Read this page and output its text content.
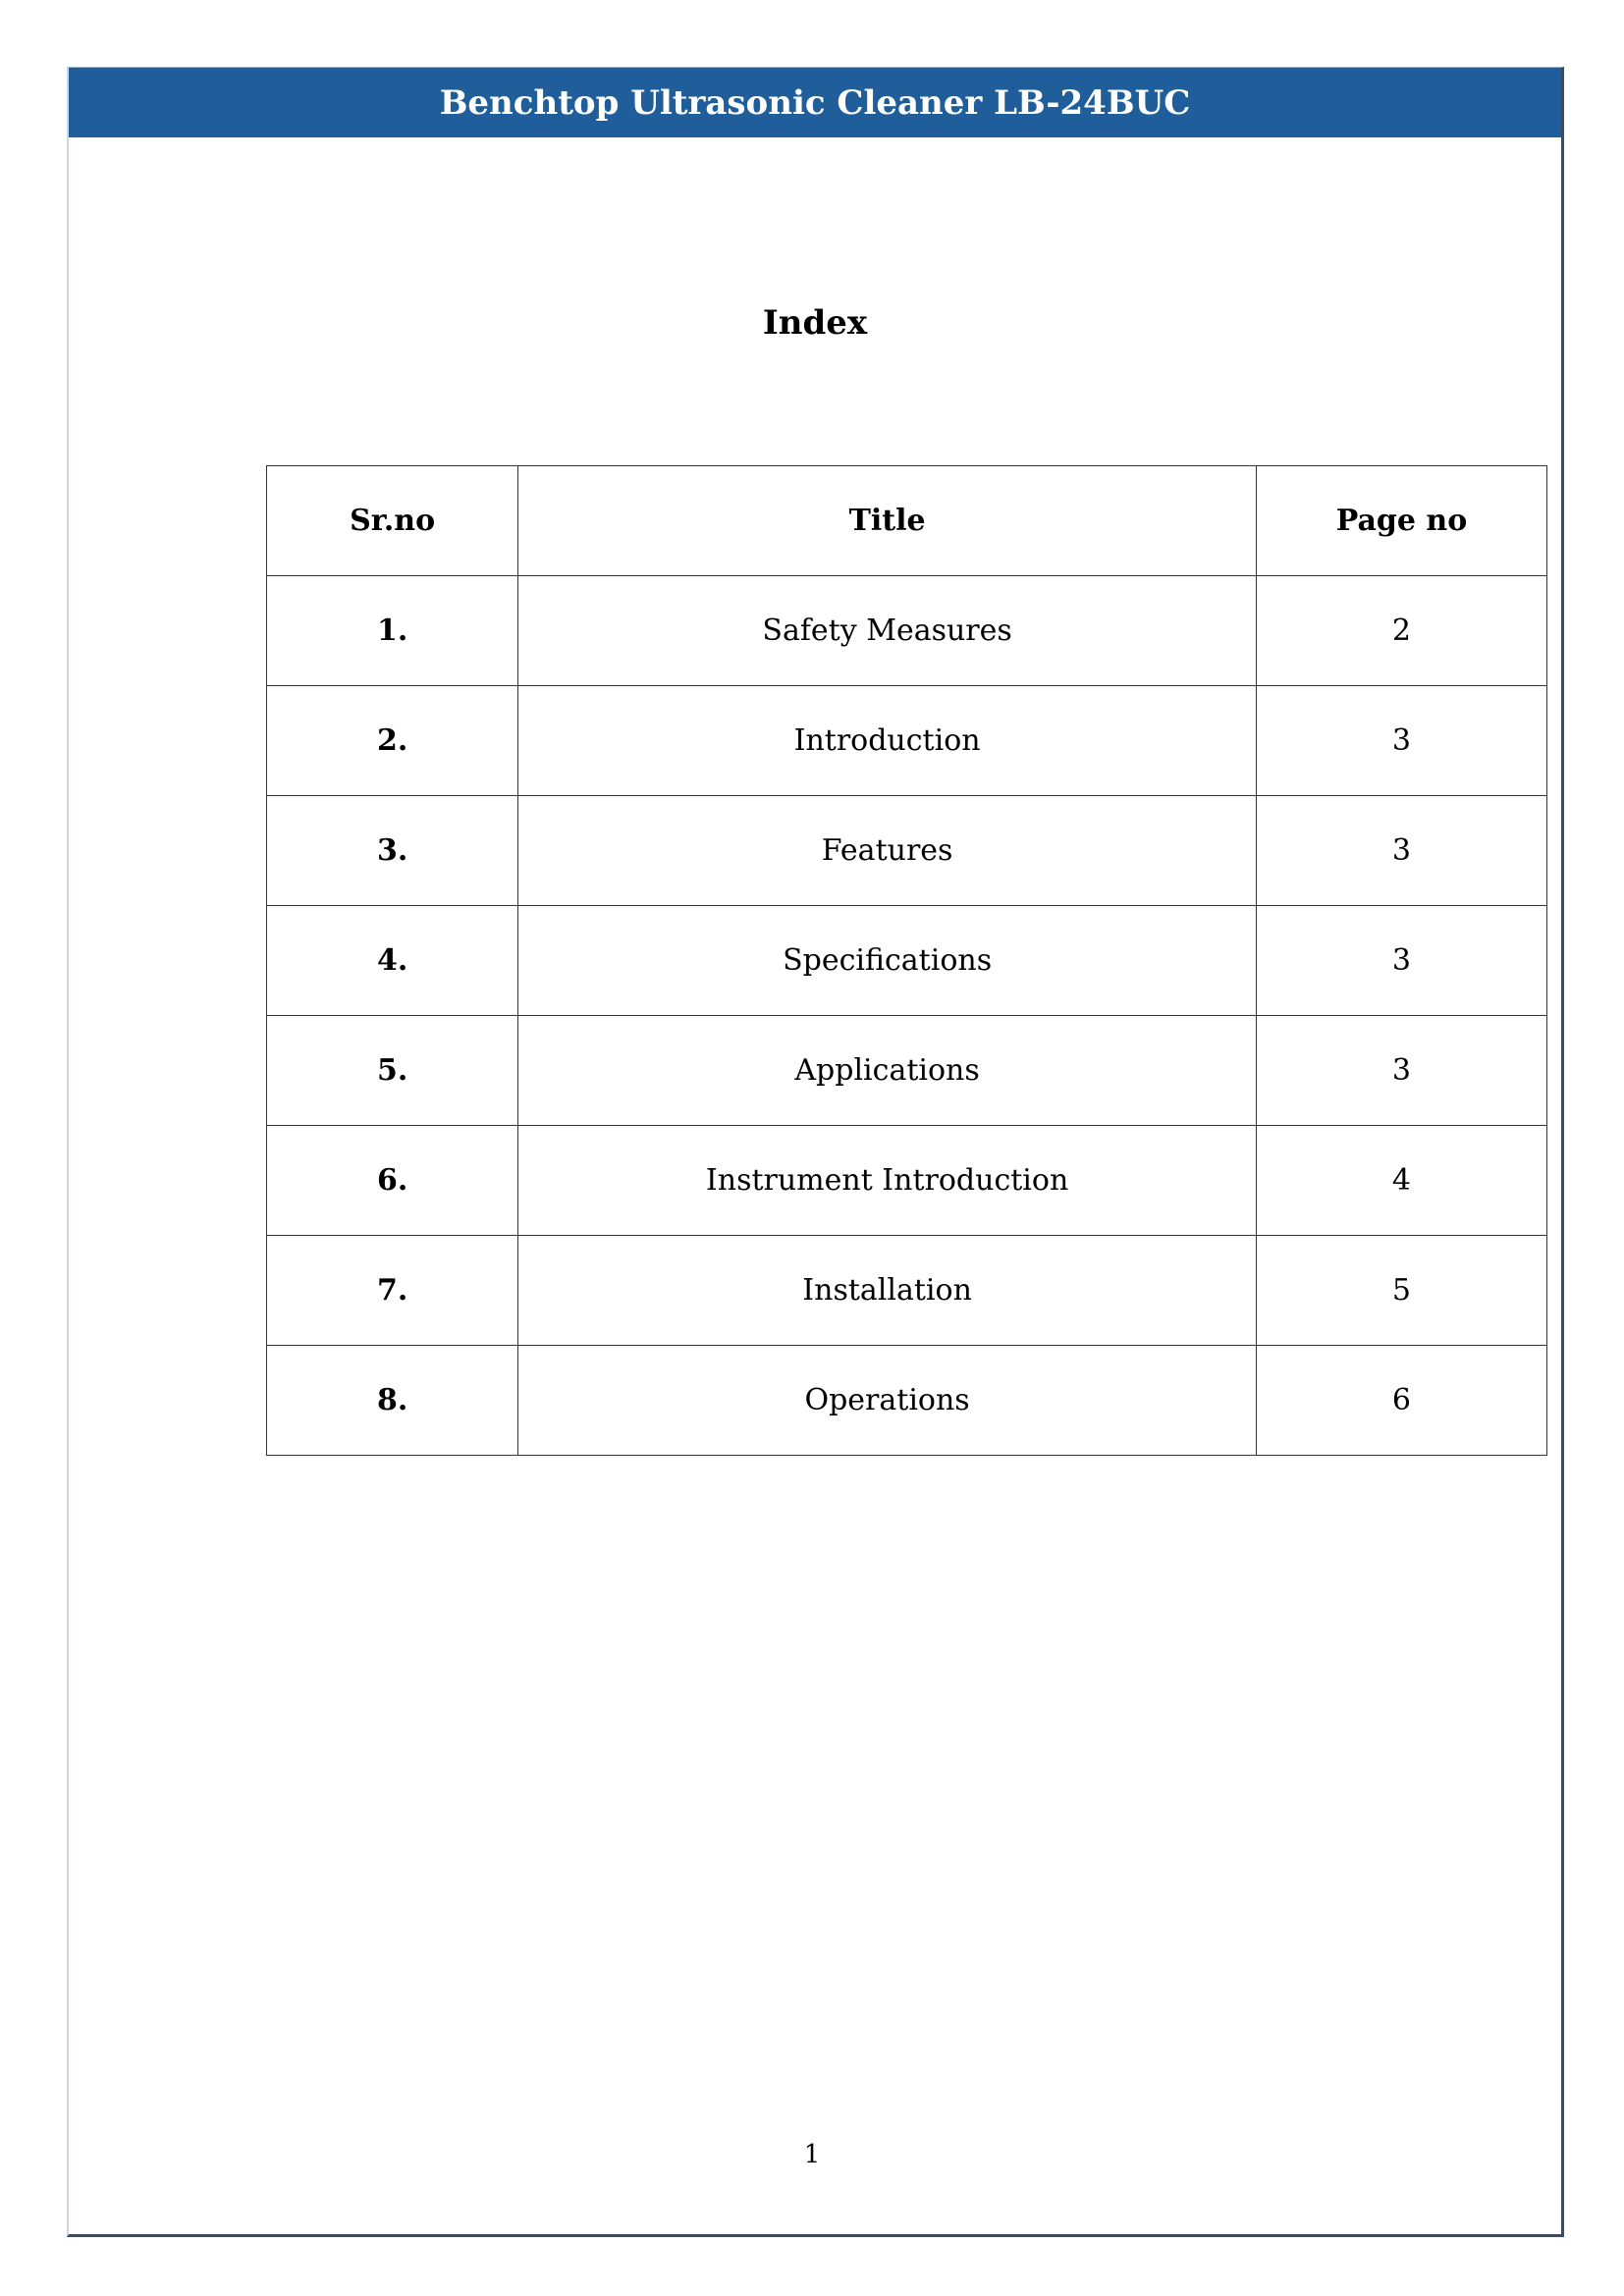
Benchtop Ultrasonic Cleaner LB-24BUC
Index
Sr.no	Title	Page no
1.	Safety Measures	2
2.	Introduction	3
3.	Features	3
4.	Specifications	3
5.	Applications	3
6.	Instrument Introduction	4
7.	Installation	5
8.	Operations	6
1
